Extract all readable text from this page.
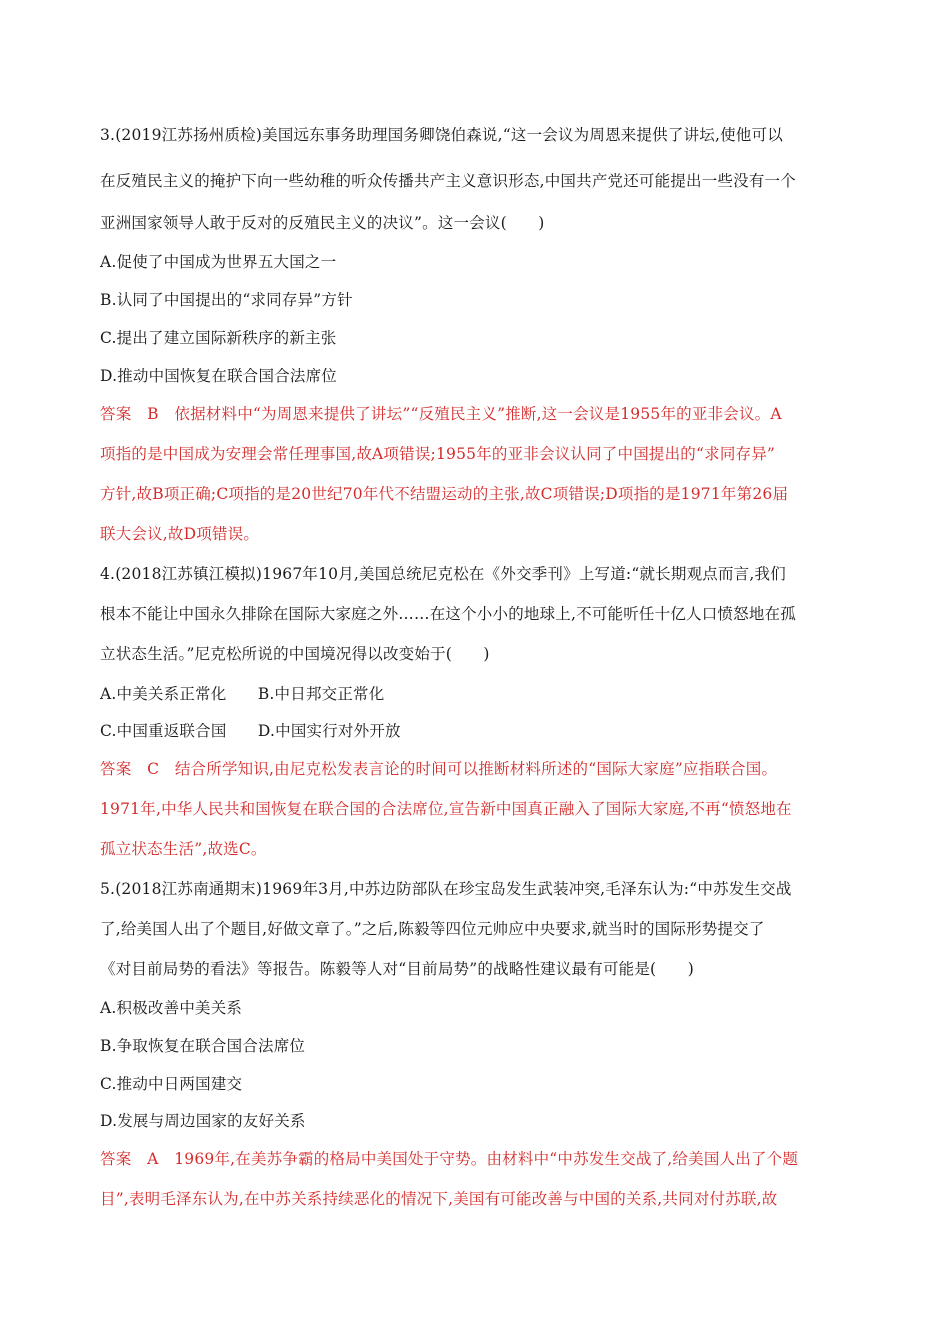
3.(2019江苏扬州质检)美国远东事务助理国务卿饶伯森说,“这一会议为周恩来提供了讲坛,使他可以
在反殖民主义的掩护下向一些幼稚的听众传播共产主义意识形态,中国共产党还可能提出一些没有一个
亚洲国家领导人敢于反对的反殖民主义的决议”。这一会议(　　)
A.促使了中国成为世界五大国之一
B.认同了中国提出的“求同存异”方针
C.提出了建立国际新秩序的新主张
D.推动中国恢复在联合国合法席位
答案　B　依据材料中“为周恩来提供了讲坛”“反殖民主义”推断,这一会议是1955年的亚非会议。A
项指的是中国成为安理会常任理事国,故A项错误;1955年的亚非会议认同了中国提出的“求同存异”
方针,故B项正确;C项指的是20世纪70年代不结盟运动的主张,故C项错误;D项指的是1971年第26届
联大会议,故D项错误。
4.(2018江苏镇江模拟)1967年10月,美国总统尼克松在《外交季刊》上写道:“就长期观点而言,我们
根本不能让中国永久排除在国际大家庭之外……在这个小小的地球上,不可能听任十亿人口愤怒地在孤
立状态生活。”尼克松所说的中国境况得以改变始于(　　)
A.中美关系正常化　　B.中日邦交正常化
C.中国重返联合国　　D.中国实行对外开放
答案　C　结合所学知识,由尼克松发表言论的时间可以推断材料所述的“国际大家庭”应指联合国。
1971年,中华人民共和国恢复在联合国的合法席位,宣告新中国真正融入了国际大家庭,不再“愤怒地在
孤立状态生活”,故选C。
5.(2018江苏南通期末)1969年3月,中苏边防部队在珍宝岛发生武装冲突,毛泽东认为:“中苏发生交战
了,给美国人出了个题目,好做文章了。”之后,陈毅等四位元帅应中央要求,就当时的国际形势提交了
《对目前局势的看法》等报告。陈毅等人对“目前局势”的战略性建议最有可能是(　　)
A.积极改善中美关系
B.争取恢复在联合国合法席位
C.推动中日两国建交
D.发展与周边国家的友好关系
答案　A　1969年,在美苏争霸的格局中美国处于守势。由材料中“中苏发生交战了,给美国人出了个题
目”,表明毛泽东认为,在中苏关系持续恶化的情况下,美国有可能改善与中国的关系,共同对付苏联,故
